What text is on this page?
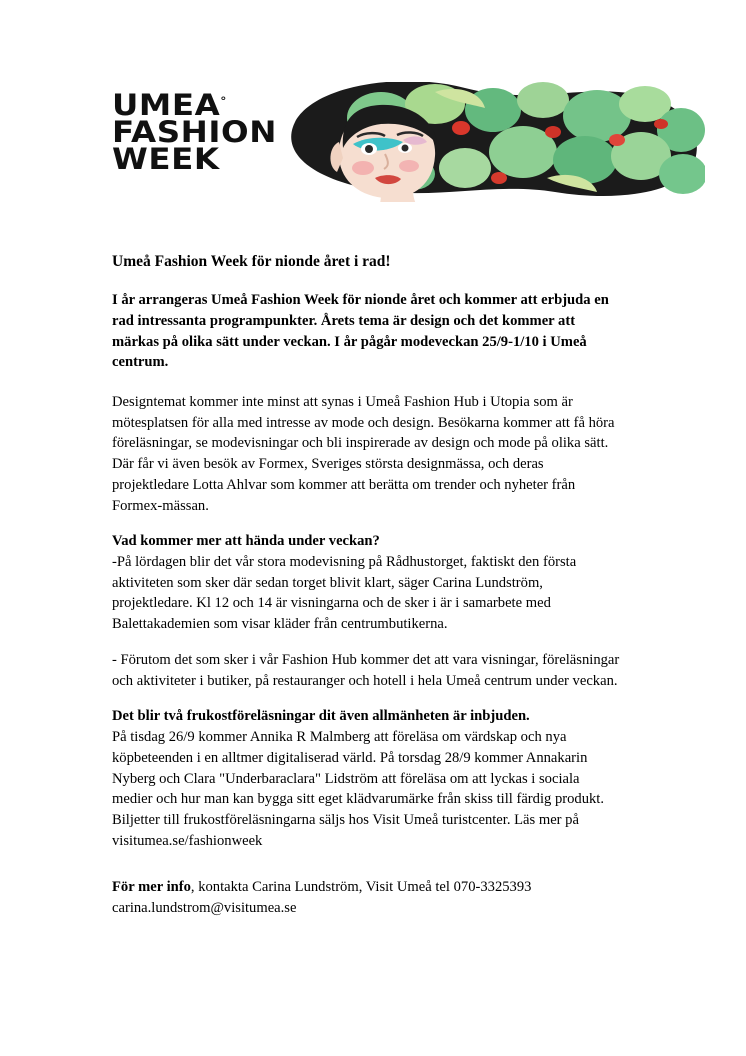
UMEA°
FASHION
WEEK
Umeå Fashion Week för nionde året i rad!

I år arrangeras Umeå Fashion Week för nionde året och kommer att erbjuda en rad intressanta programpunkter. Årets tema är design och det kommer att märkas på olika sätt under veckan. I år pågår modeveckan 25/9-1/10 i Umeå centrum.

Designtemat kommer inte minst att synas i Umeå Fashion Hub i Utopia som är mötesplatsen för alla med intresse av mode och design. Besökarna kommer att få höra föreläsningar, se modevisningar och bli inspirerade av design och mode på olika sätt. Där får vi även besök av Formex, Sveriges största designmässa, och deras projektledare Lotta Ahlvar som kommer att berätta om trender och nyheter från Formex-mässan.

Vad kommer mer att hända under veckan?

-På lördagen blir det vår stora modevisning på Rådhustorget, faktiskt den första aktiviteten som sker där sedan torget blivit klart, säger Carina Lundström, projektledare. Kl 12 och 14 är visningarna och de sker i är i samarbete med Balettakademien som visar kläder från centrumbutikerna.

- Förutom det som sker i vår Fashion Hub kommer det att vara visningar, föreläsningar och aktiviteter i butiker, på restauranger och hotell i hela Umeå centrum under veckan.

Det blir två frukostföreläsningar dit även allmänheten är inbjuden.

På tisdag 26/9 kommer Annika R Malmberg att föreläsa om värdskap och nya köpbeteenden i en alltmer digitaliserad värld. På torsdag 28/9 kommer Annakarin Nyberg och Clara "Underbaraclara" Lidström att föreläsa om att lyckas i sociala medier och hur man kan bygga sitt eget klädvarumärke från skiss till färdig produkt. Biljetter till frukostföreläsningarna säljs hos Visit Umeå turistcenter. Läs mer på visitumea.se/fashionweek

För mer info, kontakta Carina Lundström, Visit Umeå tel 070-3325393
carina.lundstrom@visitumea.se
